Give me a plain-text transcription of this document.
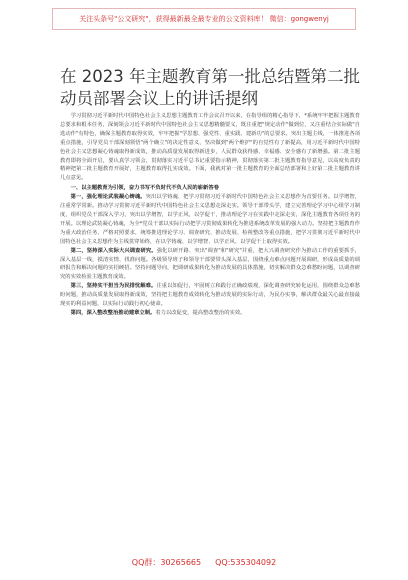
关注头条号"公文研究"，获得最新最全最专业的公文资料库！ 微信：gongwenyj
在 2023 年主题教育第一批总结暨第二批动员部署会议上的讲话提纲

学习贯彻习近平新时代中国特色社会主义思想主题教育工作会议召开以来，在指导组的精心指导下，*系统牢牢把握主题教育总要求和根本任务，深刻领会习近平新时代中国特色社会主义思想精髓要义，既注重把"规定动作"做到位，又注重结合实际做"自选动作"有特色，确保主题教育取得实效，牢牢把握"学思想、强党性、重实践、建新功"的总要求。突出主题主线，一体推进各项重点措施，引导党员干部深刻领悟"两个确立"的决定性意义，坚决做到"两个维护"的自觉性有了新提高，用习近平新时代中国特色社会主义思想凝心铸魂取得新成效，推动高质量发展取得新进步，人民群众获得感、幸福感、安全感有了新增强。第二批主题教育即将全面开启，要认真学习领会，贯彻落实习近平总书记重要指示精神，贯彻落实第二批主题教育指导意见，以高度负责的精神把第二批主题教育开展好，主题教育取得扎实成效。下面，我就对第一批主题教育的全面总结部署和上好第二批主题教育讲几点意见。

一、以主题教育为引领，奋力书写不负时代不负人民的崭新答卷

第一，强化理论武装凝心铸魂。突出以学铸魂、把学习贯彻习近平新时代中国特色社会主义思想作为首要任务。以学增智，注重常学常新。推动学习贯彻习近平新时代中国特色社会主义思想走深走实。领导干部带头学，建立完善理论学习中心组学习制度，组织党员干部深入学习，突出以学增智，以学正风，以学促干，推动理论学习在实践中走深走实，深化主题教育各项任务的开展。以理论武装凝心铸魂，为全*党员干部以实际行动把学习贯彻成果转化为推进系统改革发展的强大动力。坚持把主题教育作为重大政治任务，严格对照要求，统筹推进理论学习、调查研究、推动发展、检视整改等重点措施，把学习贯彻习近平新时代中国特色社会主义思想作为主线贯穿始终，在以学铸魂、以学增智、以学正风、以学促干上取得实效。

第二，坚持深入实际大兴调查研究。强化以研开路、突出"调查"和"研究"并重，把大兴调查研究作为推动工作的重要抓手，深入基层一线，摸清实情、找准问题。各级领导班子和领导干部要带头深入基层，围绕重点难点问题开展调研，形成高质量的调研报告和解决问题的实招硬招。坚持问题导向，把调研成果转化为推动发展的具体措施，切实解决群众急难愁盼问题，以调查研究的实效检验主题教育成效。

第三，坚持实干担当为民排忧解难。注重以知促行，牢固树立和践行正确政绩观，深化调查研究转化运用，围绕群众急难愁盼问题，推动高质量发展取得新成效，坚持把主题教育成效转化为推动发展的实际行动，为民办实事，解决群众最关心最直接最现实的利益问题，以实际行动践行初心使命。

第四，深入整改整治推动建章立制。着力以改促变，提高整改整治的实效。

QQ群：30265665 QQ:535304092
